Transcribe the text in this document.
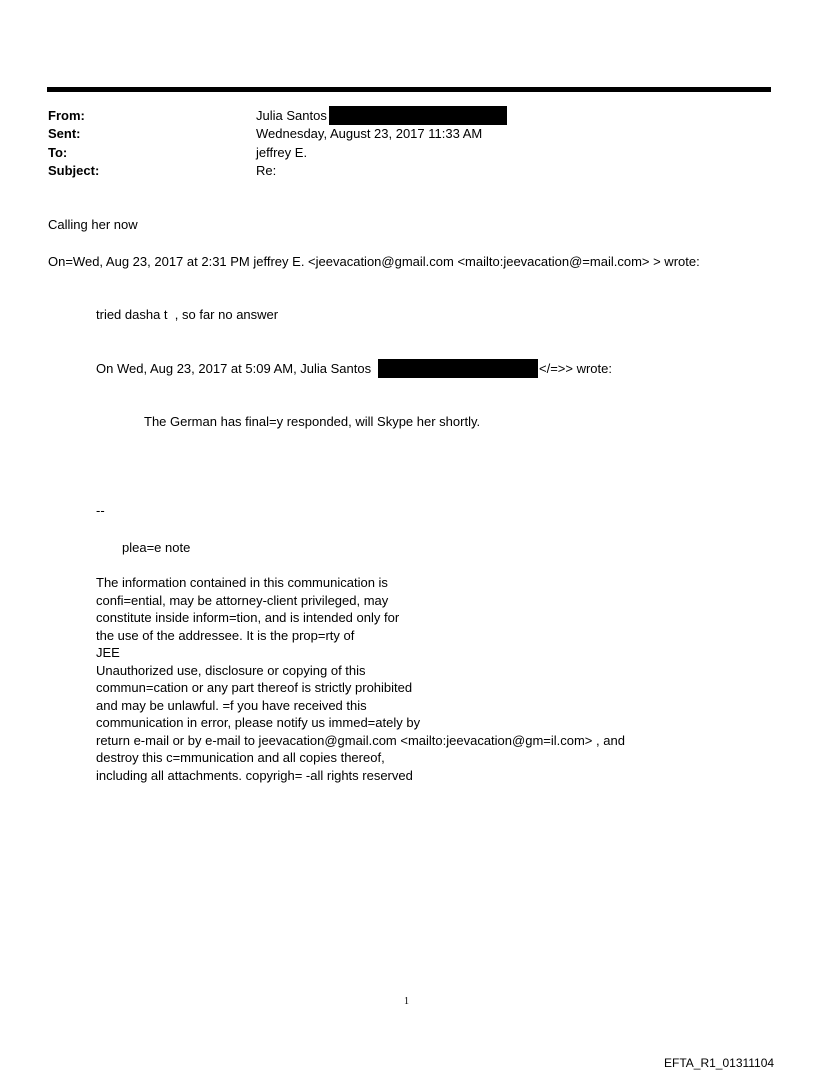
From:	Julia Santos
Sent:	Wednesday, August 23, 2017 11:33 AM
To:	jeffrey E.
Subject:	Re:
Calling her now
On=Wed, Aug 23, 2017 at 2:31 PM jeffrey E. <jeevacation@gmail.com <mailto:jeevacation@=mail.com> > wrote:
tried dasha t  , so far no answer
On Wed, Aug 23, 2017 at 5:09 AM, Julia Santos	</=>> wrote:
The German has final=y responded, will Skype her shortly.
--
plea=e note
The information contained in this communication is
confi=ential, may be attorney-client privileged, may
constitute inside inform=tion, and is intended only for
the use of the addressee. It is the prop=rty of
JEE
Unauthorized use, disclosure or copying of this
commun=cation or any part thereof is strictly prohibited
and may be unlawful. =f you have received this
communication in error, please notify us immed=ately by
return e-mail or by e-mail to jeevacation@gmail.com <mailto:jeevacation@gm=il.com> , and
destroy this c=mmunication and all copies thereof,
including all attachments. copyrigh= -all rights reserved
1
EFTA_R1_01311104
